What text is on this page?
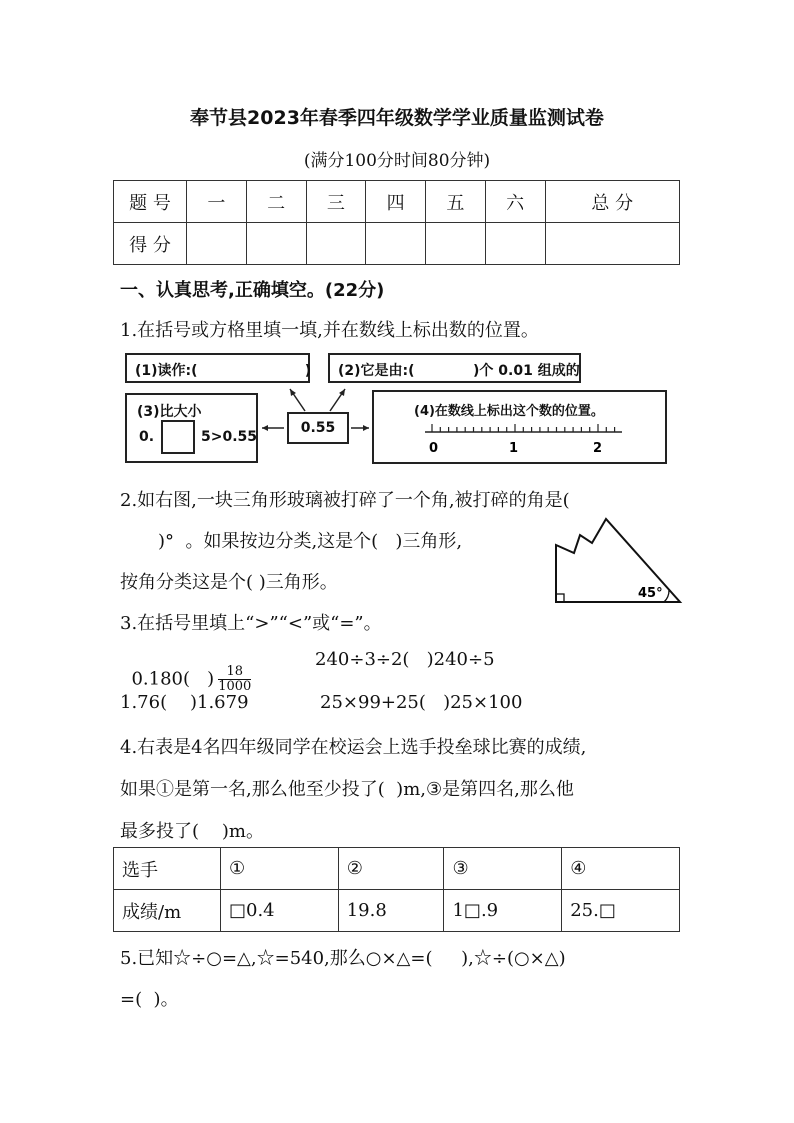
奉节县2023年春季四年级数学学业质量监测试卷
(满分100分时间80分钟)
题 号	一	二	三	四	五	六	总 分
得 分							
一、认真思考,正确填空。(22分)
1.在括号或方格里填一填,并在数线上标出数的位置。
(1)读作:(                      )	(2)它是由:(            )个 0.01 组成的
(3)比大小
0.	5>0.55
0.55
(4)在数线上标出这个数的位置。
0	1	2
2.如右图,一块三角形玻璃被打碎了一个角,被打碎的角是(
)°  。如果按边分类,这是个(   )三角形,
按角分类这是个( )三角形。
45°
3.在括号里填上“>”“<”或“=”。

0.180(   ) $\frac{18}{1000}$

240÷3÷2(   )240÷5
1.76(    )1.679	25×99+25(   )25×100
4.右表是4名四年级同学在校运会上选手投垒球比赛的成绩,
如果①是第一名,那么他至少投了(  )m,③是第四名,那么他
最多投了(    )m。
选手	①	②	③	④
成绩/m	□0.4	19.8	1□.9	25.□
5.已知☆÷○=△,☆=540,那么○×△=(     ),☆÷(○×△)
=(  )。
